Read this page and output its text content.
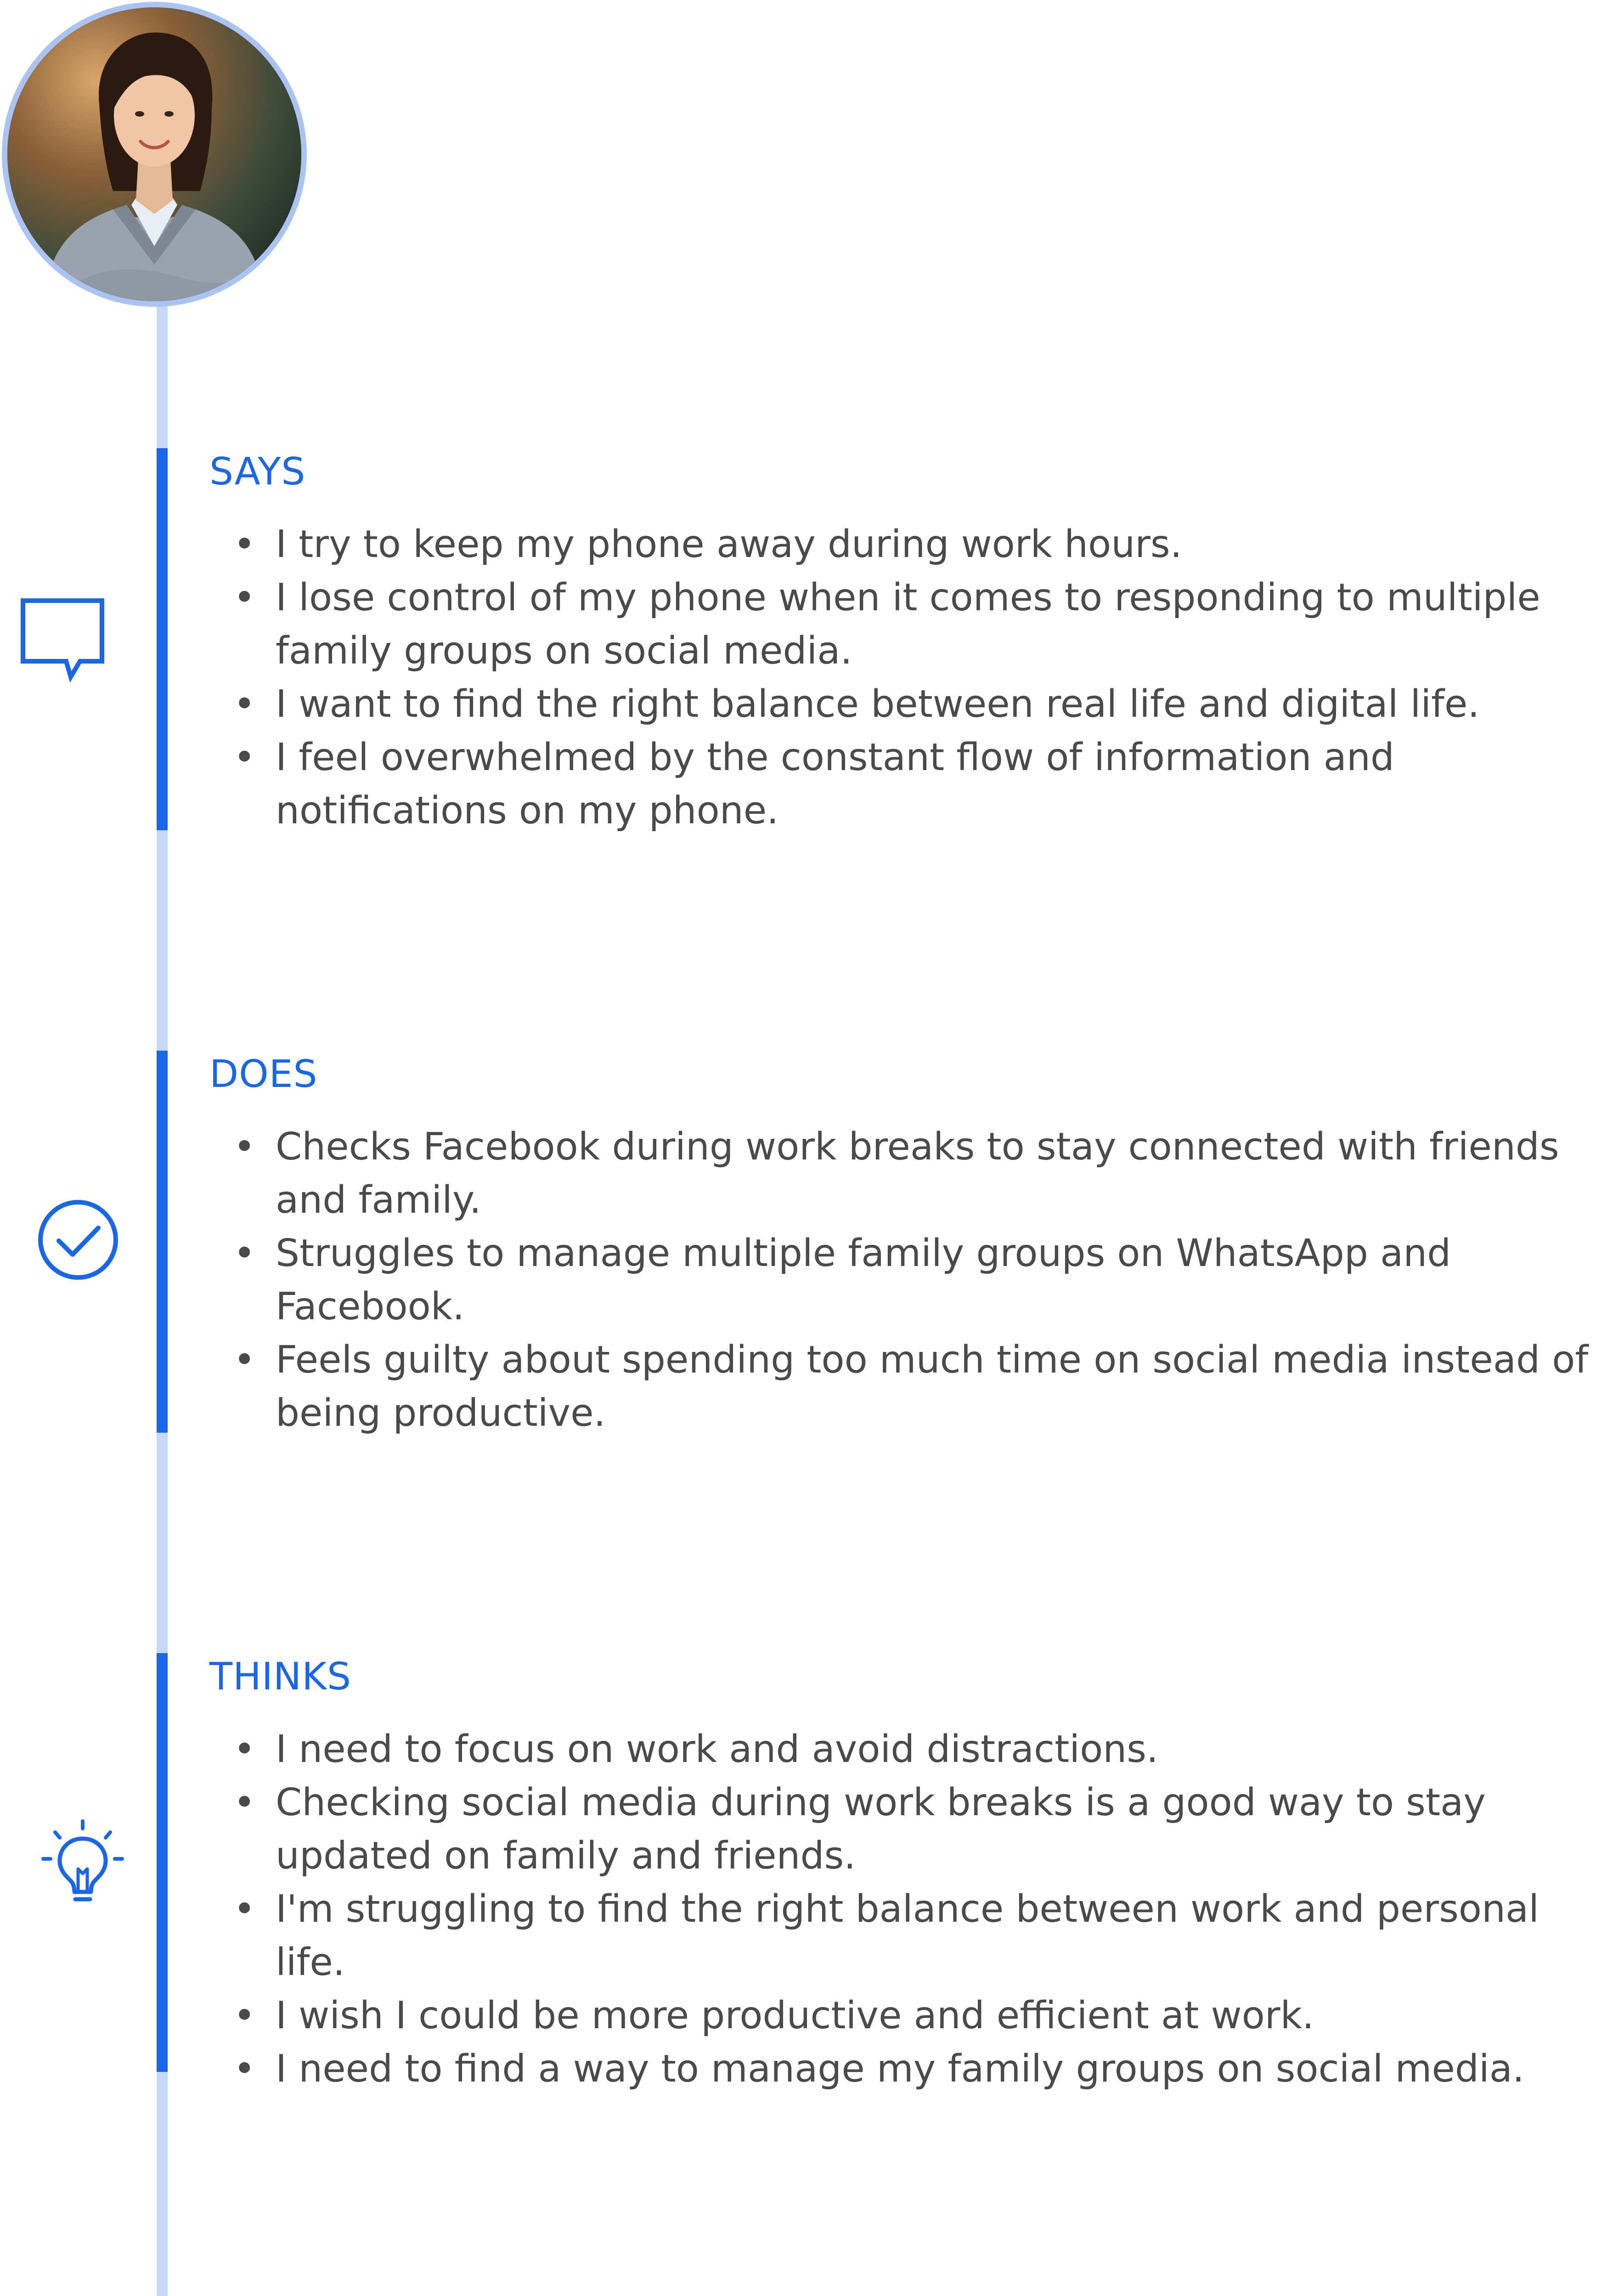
SAYS
• I try to keep my phone away during work hours.
• I lose control of my phone when it comes to responding to multiple family groups on social media.
• I want to find the right balance between real life and digital life.
• I feel overwhelmed by the constant flow of information and notifications on my phone.
DOES
• Checks Facebook during work breaks to stay connected with friends and family.
• Struggles to manage multiple family groups on WhatsApp and Facebook.
• Feels guilty about spending too much time on social media instead of being productive.
THINKS
• I need to focus on work and avoid distractions.
• Checking social media during work breaks is a good way to stay updated on family and friends.
• I'm struggling to find the right balance between work and personal life.
• I wish I could be more productive and efficient at work.
• I need to find a way to manage my family groups on social media.
